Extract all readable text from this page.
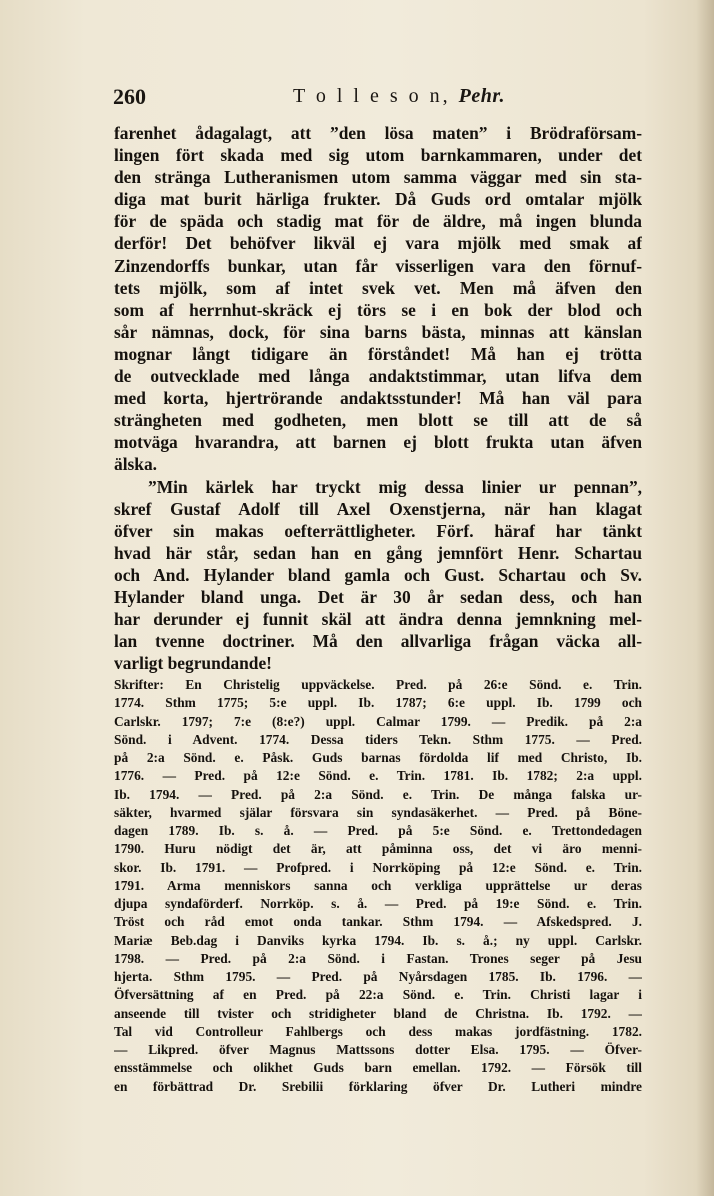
260	T o l l e s o n, Pehr.
farenhet ådagalagt, att ”den lösa maten” i Brödraförsam-
lingen fört skada med sig utom barnkammaren, under det
den stränga Lutheranismen utom samma väggar med sin sta-
diga mat burit härliga frukter. Då Guds ord omtalar mjölk
för de späda och stadig mat för de äldre, må ingen blunda
derför! Det behöfver likväl ej vara mjölk med smak af
Zinzendorffs bunkar, utan får visserligen vara den förnuf-
tets mjölk, som af intet svek vet. Men må äfven den
som af herrnhut-skräck ej törs se i en bok der blod och
sår nämnas, dock, för sina barns bästa, minnas att känslan
mognar långt tidigare än förståndet! Må han ej trötta
de outvecklade med långa andaktstimmar, utan lifva dem
med korta, hjertrörande andaktsstunder! Må han väl para
strängheten med godheten, men blott se till att de så
motväga hvarandra, att barnen ej blott frukta utan äfven
älska.
”Min kärlek har tryckt mig dessa linier ur pennan”,
skref Gustaf Adolf till Axel Oxenstjerna, när han klagat
öfver sin makas oefterrättligheter. Förf. häraf har tänkt
hvad här står, sedan han en gång jemnfört Henr. Schartau
och And. Hylander bland gamla och Gust. Schartau och Sv.
Hylander bland unga. Det är 30 år sedan dess, och han
har derunder ej funnit skäl att ändra denna jemnkning mel-
lan tvenne doctriner. Må den allvarliga frågan väcka all-
varligt begrundande!
Skrifter: En Christelig uppväckelse. Pred. på 26:e Sönd. e. Trin.
1774. Sthm 1775; 5:e uppl. Ib. 1787; 6:e uppl. Ib. 1799 och
Carlskr. 1797; 7:e (8:e?) uppl. Calmar 1799. — Predik. på 2:a
Sönd. i Advent. 1774. Dessa tiders Tekn. Sthm 1775. — Pred.
på 2:a Sönd. e. Påsk. Guds barnas fördolda lif med Christo, Ib.
1776. — Pred. på 12:e Sönd. e. Trin. 1781. Ib. 1782; 2:a uppl.
Ib. 1794. — Pred. på 2:a Sönd. e. Trin. De många falska ur-
säkter, hvarmed själar försvara sin syndasäkerhet. — Pred. på Böne-
dagen 1789. Ib. s. å. — Pred. på 5:e Sönd. e. Trettondedagen
1790. Huru nödigt det är, att påminna oss, det vi äro menni-
skor. Ib. 1791. — Profpred. i Norrköping på 12:e Sönd. e. Trin.
1791. Arma menniskors sanna och verkliga upprättelse ur deras
djupa syndaförderf. Norrköp. s. å. — Pred. på 19:e Sönd. e. Trin.
Tröst och råd emot onda tankar. Sthm 1794. — Afskedspred. J.
Mariæ Beb.dag i Danviks kyrka 1794. Ib. s. å.; ny uppl. Carlskr.
1798. — Pred. på 2:a Sönd. i Fastan. Trones seger på Jesu
hjerta. Sthm 1795. — Pred. på Nyårsdagen 1785. Ib. 1796. —
Öfversättning af en Pred. på 22:a Sönd. e. Trin. Christi lagar i
anseende till tvister och stridigheter bland de Christna. Ib. 1792. —
Tal vid Controlleur Fahlbergs och dess makas jordfästning. 1782.
— Likpred. öfver Magnus Mattssons dotter Elsa. 1795. — Öfver-
ensstämmelse och olikhet Guds barn emellan. 1792. — Försök till
en förbättrad Dr. Srebilii förklaring öfver Dr. Lutheri mindre
